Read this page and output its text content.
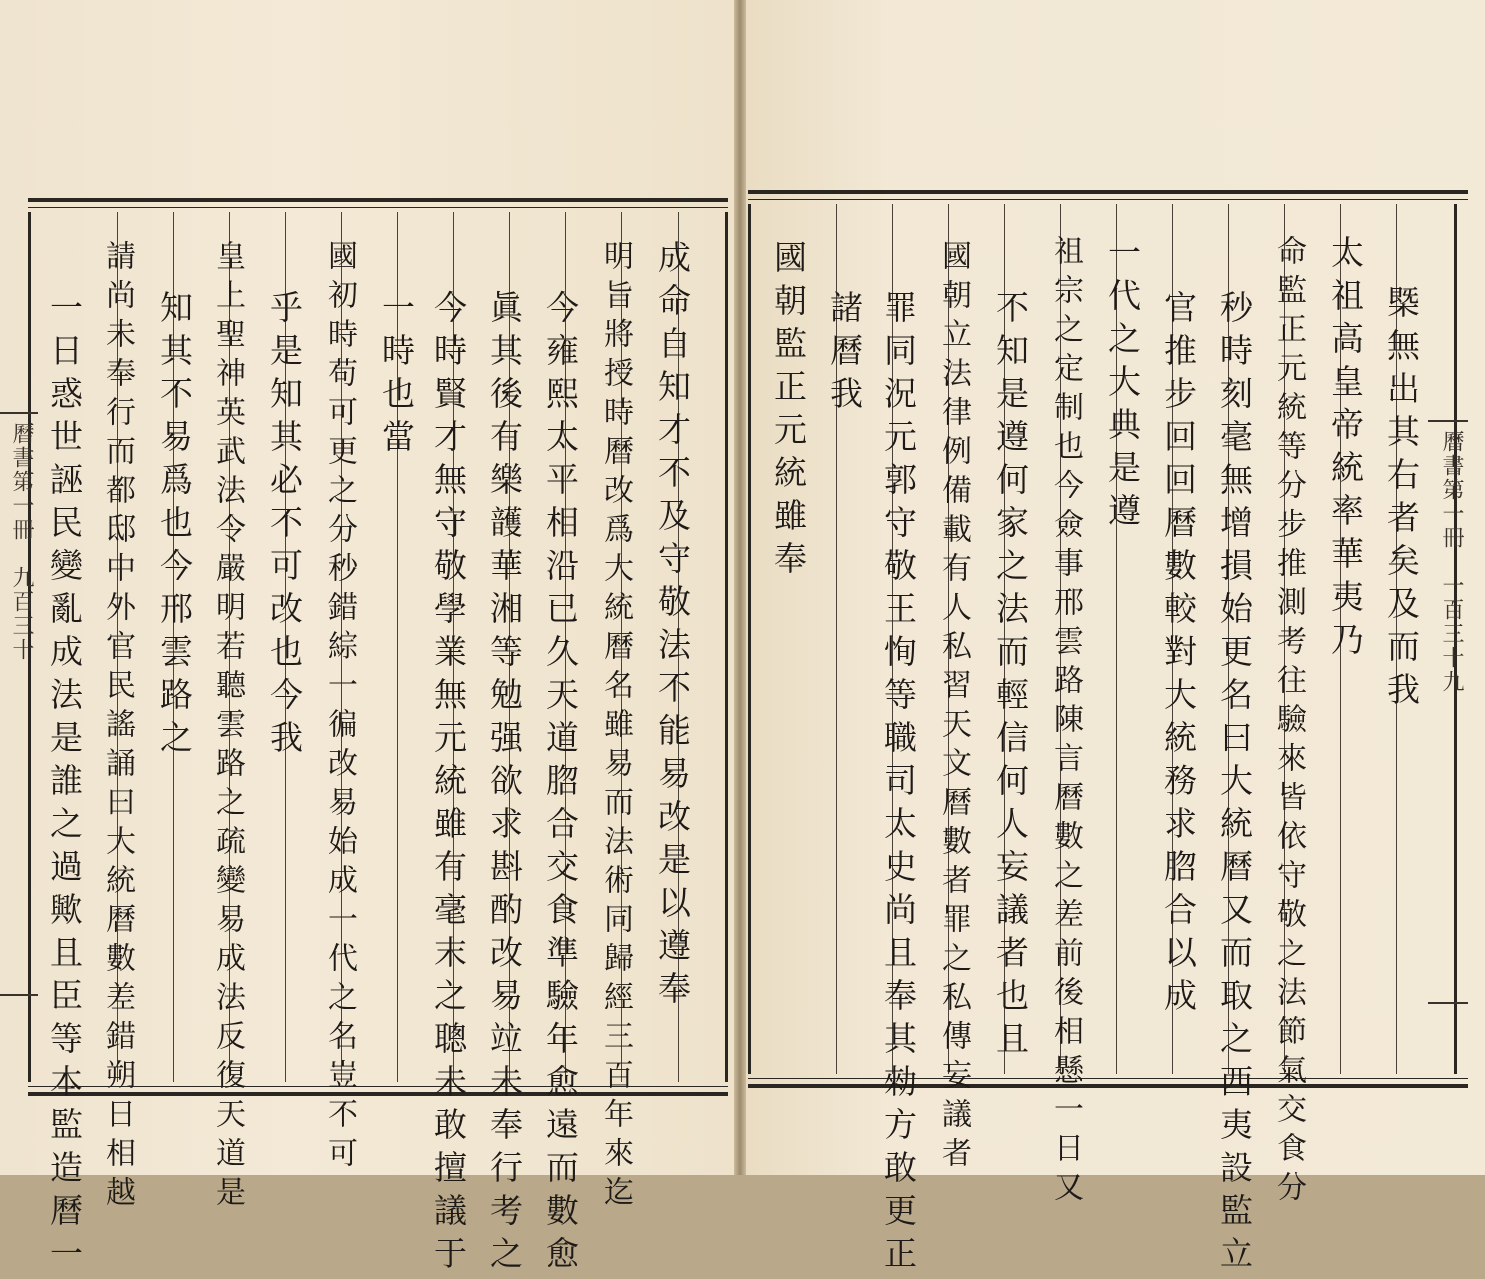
成命自知才不及守敬法不能易改是以遵奉
明旨將授時曆改爲大統曆名雖易而法術同歸經三百年來迄
今雍熙太平相沿已久天道脗合交食準驗年愈遠而數愈
眞其後有樂頀華湘等勉强欲求斟酌改易竝未奉行考之
今時賢才無守敬學業無元統雖有毫末之聰未敢擅議于
一時也當
國初時苟可更之分秒錯綜一徧改易始成一代之名豈不可
乎是知其必不可改也今我
皇上聖神英武法令嚴明若聽雲路之疏變易成法反復天道是
知其不易爲也今邢雲路之
請尚未奉行而都邸中外官民謠誦曰大統曆數差錯朔日相越
一日惑世誣民變亂成法是誰之過歟且臣等本監造曆一
曆書第一冊　九百三十	槩無出其右者矣及而我
太祖高皇帝統率華夷乃
命監正元統等分步推測考往驗來皆依守敬之法節氣交食分
秒時刻毫無增損始更名曰大統曆又而取之西夷設監立
官推步回回曆數較對大統務求脗合以成
一代之大典是遵
祖宗之定制也今僉事邢雲路陳言曆數之差前後相懸一日又
不知是遵何家之法而輕信何人妄議者也且
國朝立法律例備載有人私習天文曆數者罪之私傳妄議者
罪同況元郭守敬王恂等職司太史尚且奉其勑方敢更正
諸曆我
國朝監正元統雖奉	曆書第一冊　一百三十九
